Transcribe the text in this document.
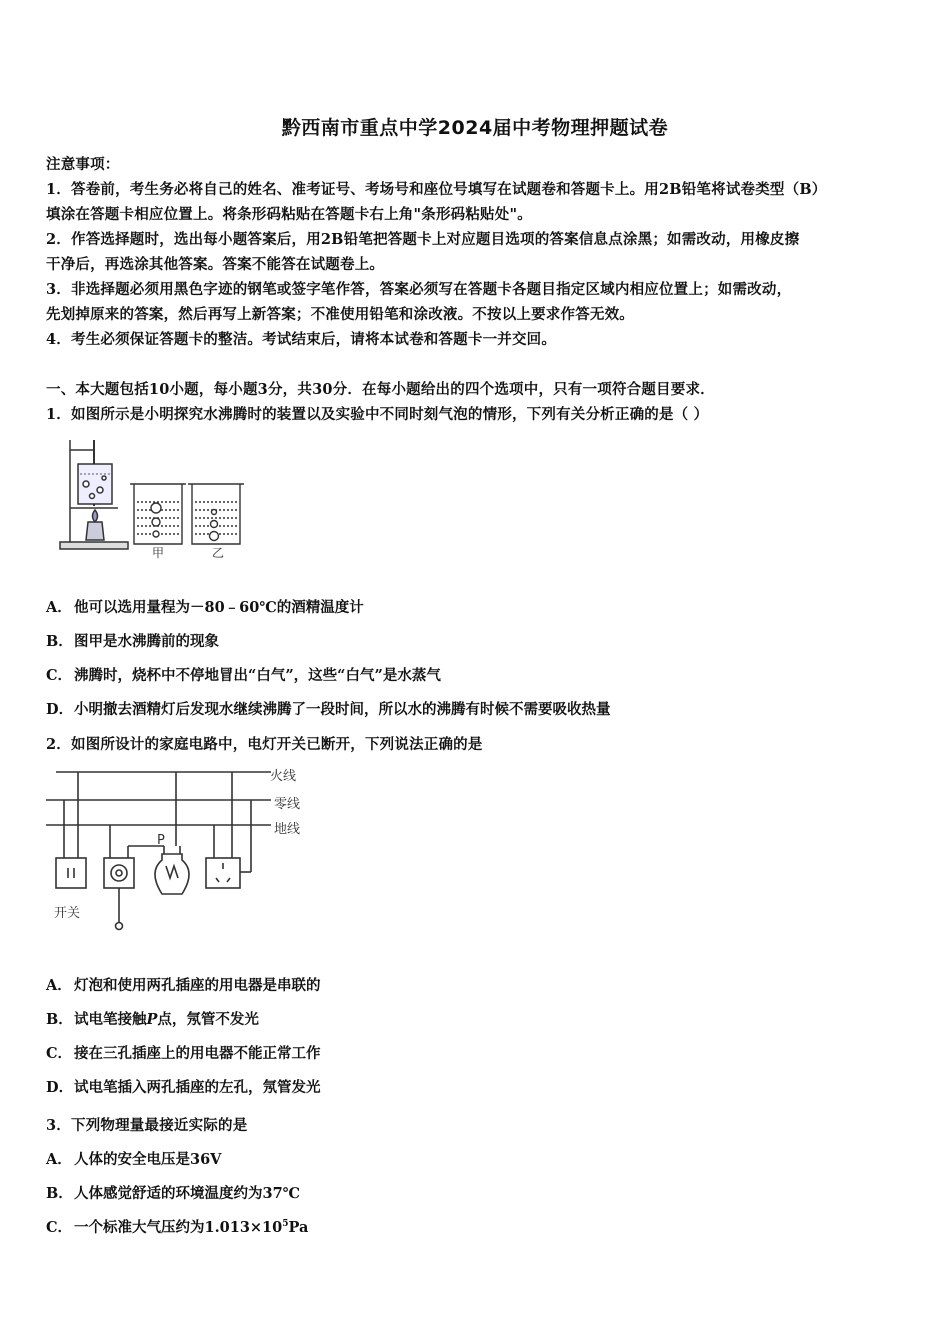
黔西南市重点中学2024届中考物理押题试卷
注意事项：
1．答卷前，考生务必将自己的姓名、准考证号、考场号和座位号填写在试题卷和答题卡上。用2B铅笔将试卷类型（B）
填涂在答题卡相应位置上。将条形码粘贴在答题卡右上角"条形码粘贴处"。
2．作答选择题时，选出每小题答案后，用2B铅笔把答题卡上对应题目选项的答案信息点涂黑；如需改动，用橡皮擦
干净后，再选涂其他答案。答案不能答在试题卷上。
3．非选择题必须用黑色字迹的钢笔或签字笔作答，答案必须写在答题卡各题目指定区域内相应位置上；如需改动，
先划掉原来的答案，然后再写上新答案；不准使用铅笔和涂改液。不按以上要求作答无效。
4．考生必须保证答题卡的整洁。考试结束后，请将本试卷和答题卡一并交回。
一、本大题包括10小题，每小题3分，共30分．在每小题给出的四个选项中，只有一项符合题目要求．
1．如图所示是小明探究水沸腾时的装置以及实验中不同时刻气泡的情形，下列有关分析正确的是（ ）
甲	乙
A． 他可以选用量程为－80﹣60℃的酒精温度计
B．图甲是水沸腾前的现象
C． 沸腾时，烧杯中不停地冒出“白气”，这些“白气”是水蒸气
D．小明撤去酒精灯后发现水继续沸腾了一段时间，所以水的沸腾有时候不需要吸收热量
2．如图所设计的家庭电路中，电灯开关已断开，下列说法正确的是
火线
零线
地线
P
开关
A． 灯泡和使用两孔插座的用电器是串联的
B．试电笔接触P点，氖管不发光
C． 接在三孔插座上的用电器不能正常工作
D．试电笔插入两孔插座的左孔，氖管发光
3．下列物理量最接近实际的是
A． 人体的安全电压是36V
B．人体感觉舒适的环境温度约为37℃
C． 一个标准大气压约为$1.013\times 10^5Pa$
